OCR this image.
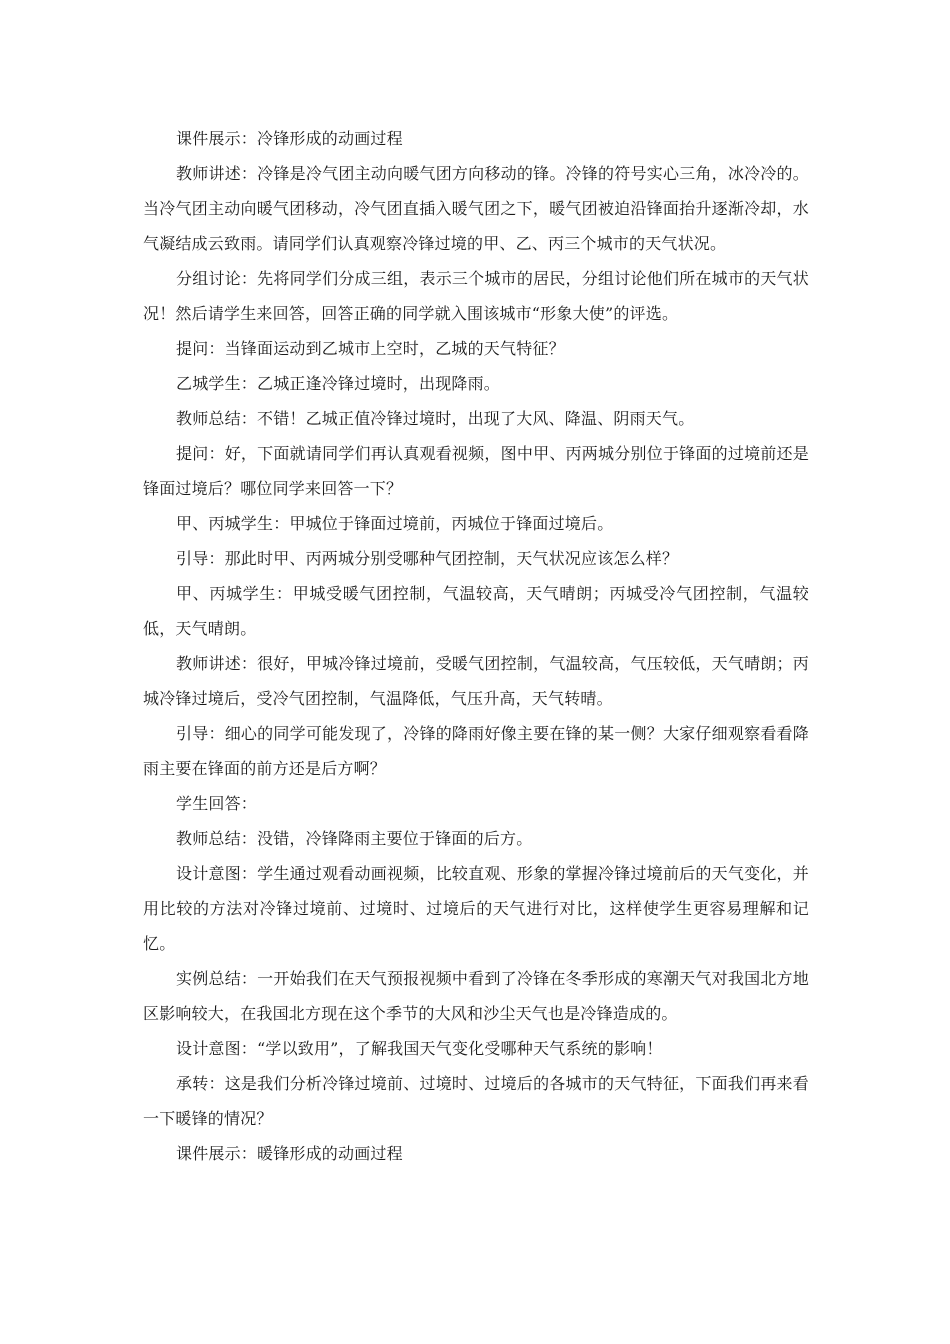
课件展示：冷锋形成的动画过程

教师讲述：冷锋是冷气团主动向暖气团方向移动的锋。冷锋的符号实心三角，冰冷冷的。当冷气团主动向暖气团移动，冷气团直插入暖气团之下，暖气团被迫沿锋面抬升逐渐冷却，水气凝结成云致雨。请同学们认真观察冷锋过境的甲、乙、丙三个城市的天气状况。

分组讨论：先将同学们分成三组，表示三个城市的居民，分组讨论他们所在城市的天气状况！然后请学生来回答，回答正确的同学就入围该城市“形象大使”的评选。

提问：当锋面运动到乙城市上空时，乙城的天气特征？

乙城学生：乙城正逢冷锋过境时，出现降雨。

教师总结：不错！乙城正值冷锋过境时，出现了大风、降温、阴雨天气。

提问：好，下面就请同学们再认真观看视频，图中甲、丙两城分别位于锋面的过境前还是锋面过境后？哪位同学来回答一下？

甲、丙城学生：甲城位于锋面过境前，丙城位于锋面过境后。

引导：那此时甲、丙两城分别受哪种气团控制，天气状况应该怎么样？

甲、丙城学生：甲城受暖气团控制，气温较高，天气晴朗；丙城受冷气团控制，气温较低，天气晴朗。

教师讲述：很好，甲城冷锋过境前，受暖气团控制，气温较高，气压较低，天气晴朗；丙城冷锋过境后，受冷气团控制，气温降低，气压升高，天气转晴。

引导：细心的同学可能发现了，冷锋的降雨好像主要在锋的某一侧？大家仔细观察看看降雨主要在锋面的前方还是后方啊？

学生回答：

教师总结：没错，冷锋降雨主要位于锋面的后方。

设计意图：学生通过观看动画视频，比较直观、形象的掌握冷锋过境前后的天气变化，并用比较的方法对冷锋过境前、过境时、过境后的天气进行对比，这样使学生更容易理解和记忆。

实例总结：一开始我们在天气预报视频中看到了冷锋在冬季形成的寒潮天气对我国北方地区影响较大，在我国北方现在这个季节的大风和沙尘天气也是冷锋造成的。

设计意图：“学以致用”，了解我国天气变化受哪种天气系统的影响！

承转：这是我们分析冷锋过境前、过境时、过境后的各城市的天气特征，下面我们再来看一下暖锋的情况？

课件展示：暖锋形成的动画过程
